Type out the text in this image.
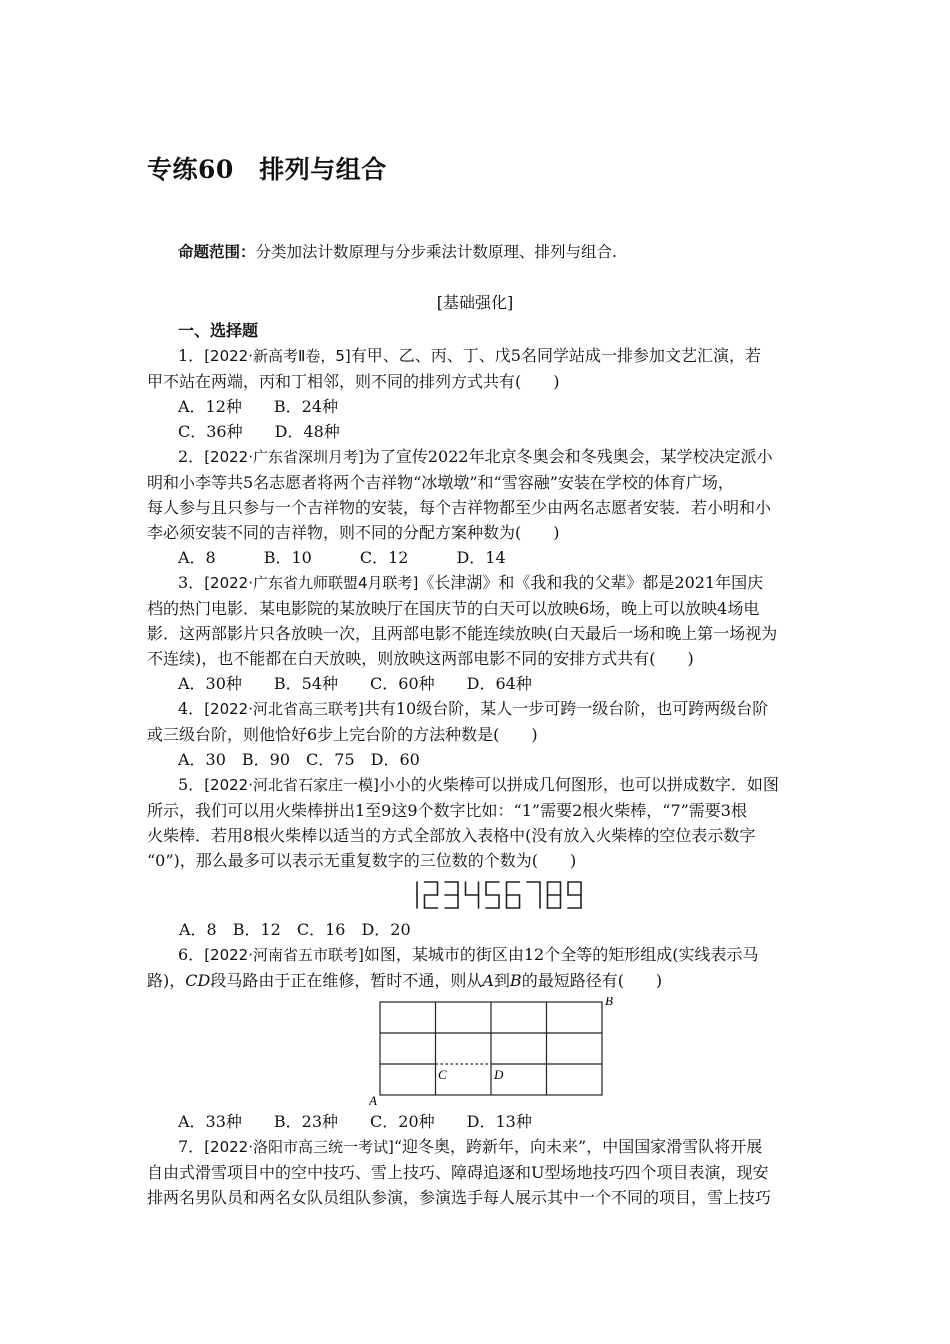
专练60　排列与组合
命题范围：分类加法计数原理与分步乘法计数原理、排列与组合.
[基础强化]

一、选择题

1．[2022·新高考Ⅱ卷，5]有甲、乙、丙、丁、戊5名同学站成一排参加文艺汇演，若

甲不站在两端，丙和丁相邻，则不同的排列方式共有(　　)

A．12种　　B．24种

C．36种　　D．48种

2．[2022·广东省深圳月考]为了宣传2022年北京冬奥会和冬残奥会，某学校决定派小

明和小李等共5名志愿者将两个吉祥物“冰墩墩”和“雪容融”安装在学校的体育广场，

每人参与且只参与一个吉祥物的安装，每个吉祥物都至少由两名志愿者安装．若小明和小

李必须安装不同的吉祥物，则不同的分配方案种数为(　　)

A．8　　　B．10　　　C．12　　　D．14

3．[2022·广东省九师联盟4月联考]《长津湖》和《我和我的父辈》都是2021年国庆

档的热门电影．某电影院的某放映厅在国庆节的白天可以放映6场，晚上可以放映4场电

影．这两部影片只各放映一次，且两部电影不能连续放映(白天最后一场和晚上第一场视为

不连续)，也不能都在白天放映，则放映这两部电影不同的安排方式共有(　　)

A．30种　　B．54种　　C．60种　　D．64种

4．[2022·河北省高三联考]共有10级台阶，某人一步可跨一级台阶，也可跨两级台阶

或三级台阶，则他恰好6步上完台阶的方法种数是(　　)

A．30　B．90　C．75　D．60

5．[2022·河北省石家庄一模]小小的火柴棒可以拼成几何图形，也可以拼成数字．如图

所示，我们可以用火柴棒拼出1至9这9个数字比如：“1”需要2根火柴棒，“7”需要3根

火柴棒．若用8根火柴棒以适当的方式全部放入表格中(没有放入火柴棒的空位表示数字

“0”)，那么最多可以表示无重复数字的三位数的个数为(　　)

A．8　B．12　C．16　D．20

6．[2022·河南省五市联考]如图，某城市的街区由12个全等的矩形组成(实线表示马

路)，CD段马路由于正在维修，暂时不通，则从A到B的最短路径有(　　)

A
B
C	D

A．33种　　B．23种　　C．20种　　D．13种

7．[2022·洛阳市高三统一考试]“迎冬奥，跨新年，向未来”，中国国家滑雪队将开展

自由式滑雪项目中的空中技巧、雪上技巧、障碍追逐和U型场地技巧四个项目表演，现安

排两名男队员和两名女队员组队参演，参演选手每人展示其中一个不同的项目，雪上技巧
